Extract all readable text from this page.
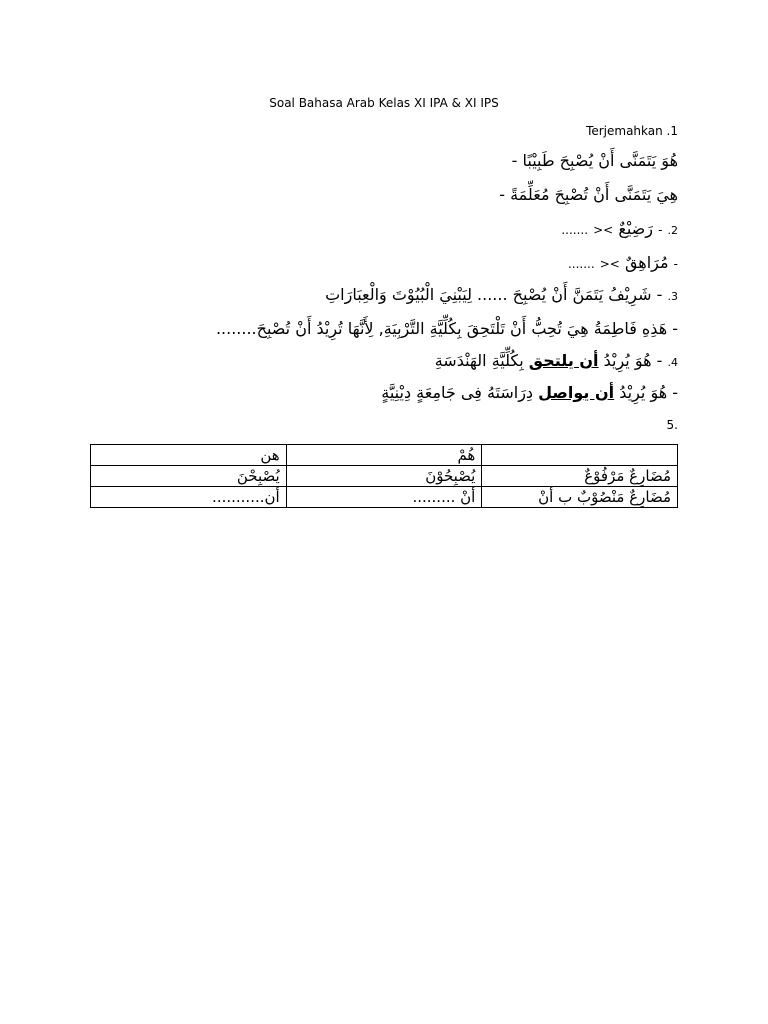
Soal Bahasa Arab Kelas XI IPA & XI IPS
Terjemahkan .1
هُوَ يَتَمَنَّى أَنْ يُصْبِحَ طَبِيْبًا -
هِيَ يَتَمَنَّى أَنْ تُصْبِحَ مُعَلِّمَةً -
2. - رَضِيْعٌ >< .......
- مُرَاهِقٌ >< .......
3. - شَرِيْفُ يَتَمَنَّ أَنْ يُصْبِحَ ...... لِيَبْنِيَ الْبُيُوْتَ وَالْعِبَارَاتِ
- هَذِهِ فَاطِمَةُ هِيَ تُحِبُّ أَنْ تَلْتَحِقَ بِكُلِّيَّةِ التَّرْبِيَةِ, لِأَنَّهَا تُرِيْدُ أَنْ تُصْبِحَ........
4. - هُوَ يُرِيْدُ أن يلتحق بِكُلِّيَّةِ الهَنْدَسَةِ
- هُوَ يُرِيْدُ أن يواصل دِرَاسَتَهُ فِى جَامِعَةٍ دِيْنِيَّةٍ
5.
	هُمْ	هن
مُضَارِعٌ مَرْفُوْعٌ	يُصْبِحُوْنَ	يُصْبِحْنَ
مُضَارِعٌ مَنْصُوْبٌ ب أَنْ	أَنْ .........	أن...........
